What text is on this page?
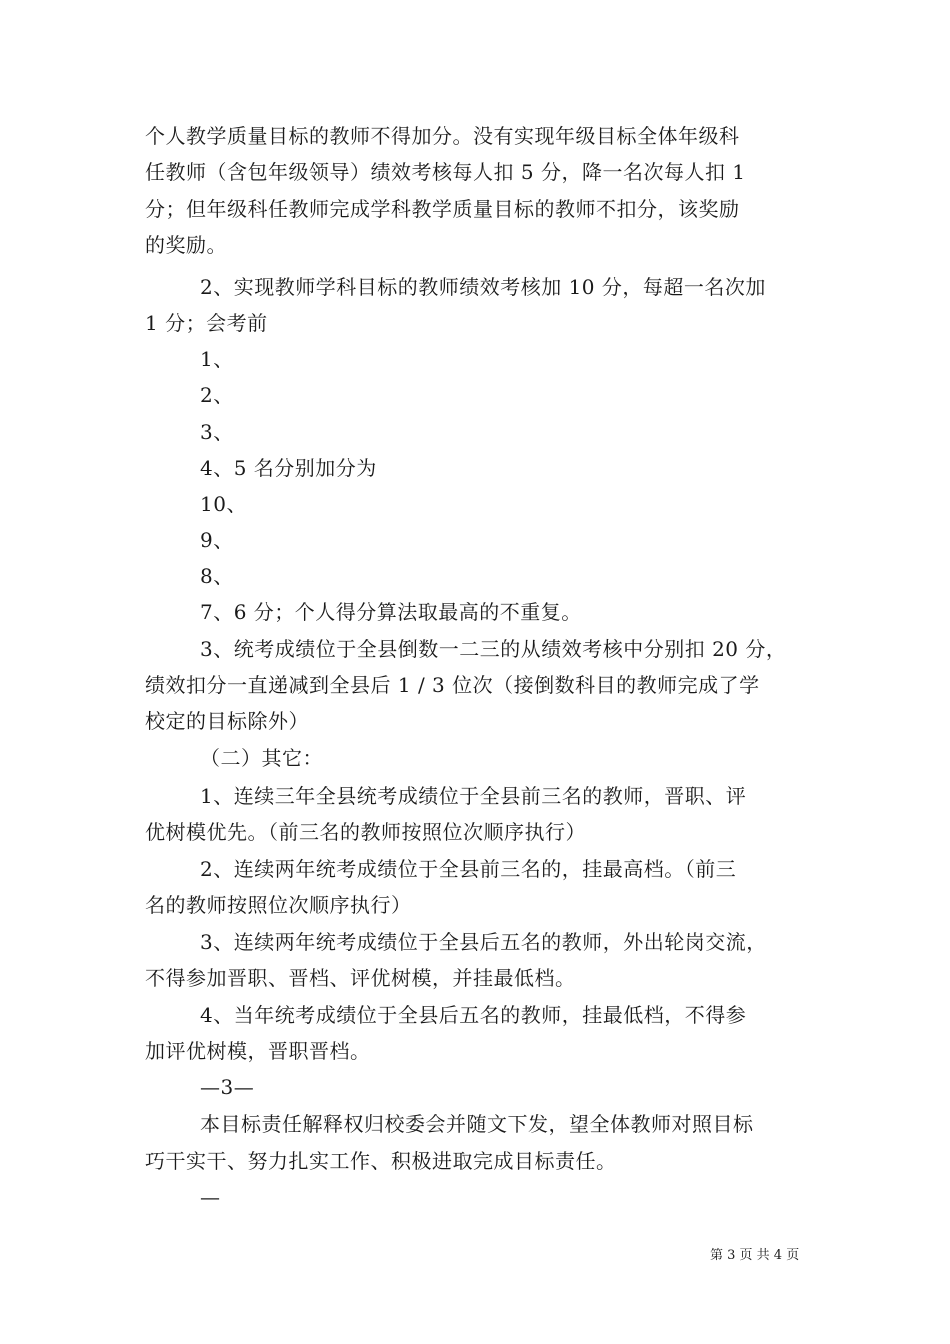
个人教学质量目标的教师不得加分。没有实现年级目标全体年级科
任教师（含包年级领导）绩效考核每人扣 5 分，降一名次每人扣 1
分；但年级科任教师完成学科教学质量目标的教师不扣分，该奖励
的奖励。
2、实现教师学科目标的教师绩效考核加 10 分，每超一名次加
1 分；会考前
1、
2、
3、
4、5 名分别加分为
10、
9、
8、
7、6 分；个人得分算法取最高的不重复。
3、统考成绩位于全县倒数一二三的从绩效考核中分别扣 20 分，
绩效扣分一直递减到全县后 1 / 3 位次（接倒数科目的教师完成了学
校定的目标除外）
（二）其它：
1、连续三年全县统考成绩位于全县前三名的教师，晋职、评
优树模优先。（前三名的教师按照位次顺序执行）
2、连续两年统考成绩位于全县前三名的，挂最高档。（前三
名的教师按照位次顺序执行）
3、连续两年统考成绩位于全县后五名的教师，外出轮岗交流，
不得参加晋职、晋档、评优树模，并挂最低档。
4、当年统考成绩位于全县后五名的教师，挂最低档，不得参
加评优树模，晋职晋档。
—3—
本目标责任解释权归校委会并随文下发，望全体教师对照目标
巧干实干、努力扎实工作、积极进取完成目标责任。
—
第 3 页 共 4 页
